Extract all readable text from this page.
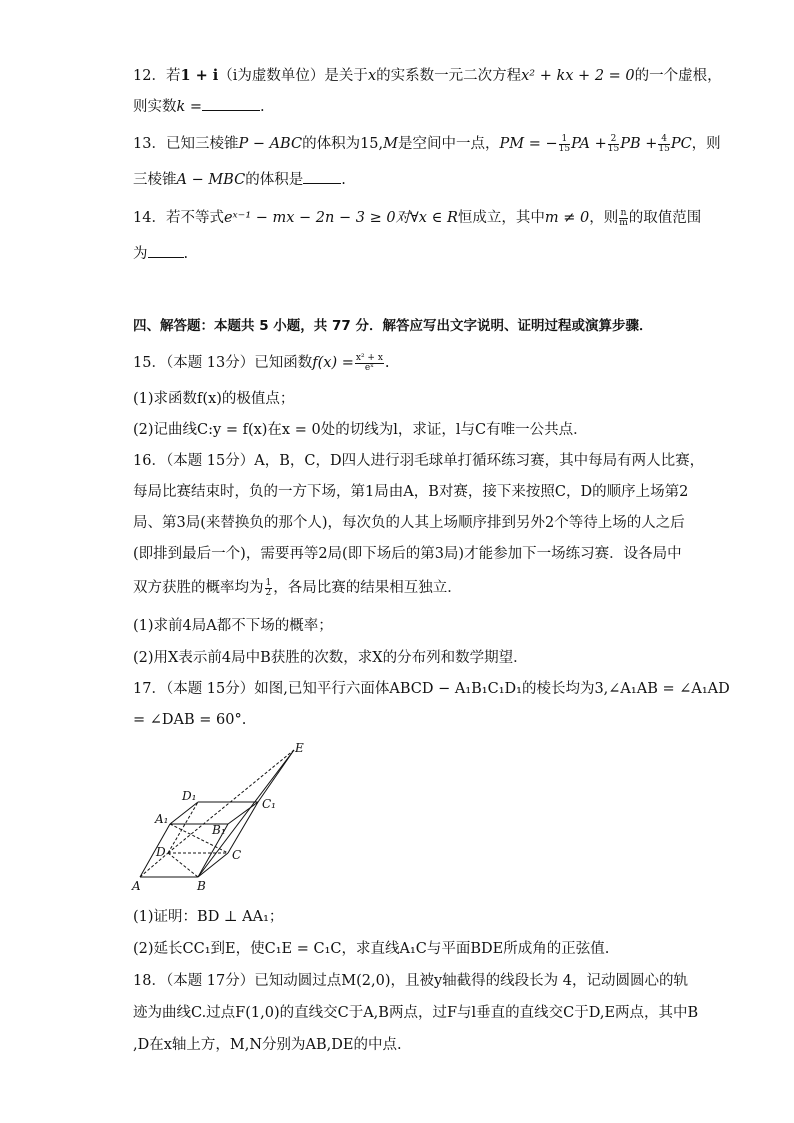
12．若1 + i（i为虚数单位）是关于x的实系数一元二次方程x² + kx + 2 = 0的一个虚根，
则实数k =	.
13．已知三棱锥P − ABC的体积为15,M是空间中一点，PM = − $\frac{1}{15}$ PA + $\frac{2}{15}$ PB + $\frac{4}{15}$ PC，则
三棱锥A − MBC的体积是	.
14．若不等式eˣ⁻¹ − mx − 2n − 3 ≥ 0对∀x ∈ R恒成立，其中m ≠ 0，则 $\frac{n}{m}$ 的取值范围
为 .
四、解答题：本题共 5 小题，共 77 分．解答应写出文字说明、证明过程或演算步骤．
15．（本题 13分）已知函数$f(x) = \frac{\text{x² + x}}{\text{eˣ}}$ .
(1)求函数f(x)的极值点；
(2)记曲线C:y = f(x)在x = 0处的切线为l，求证，l与C有唯一公共点．
16．（本题 15分）A，B，C，D四人进行羽毛球单打循环练习赛，其中每局有两人比赛，
每局比赛结束时，负的一方下场，第1局由A，B对赛，接下来按照C，D的顺序上场第2
局、第3局(来替换负的那个人)，每次负的人其上场顺序排到另外2个等待上场的人之后
(即排到最后一个)，需要再等2局(即下场后的第3局)才能参加下一场练习赛．设各局中
双方获胜的概率均为 $\frac{1}{2}$ ，各局比赛的结果相互独立．
(1)求前4局A都不下场的概率；
(2)用X表示前4局中B获胜的次数，求X的分布列和数学期望．
17．（本题 15分）如图,已知平行六面体ABCD − A₁B₁C₁D₁的棱长均为3,∠A₁AB = ∠A₁AD
= ∠DAB = 60°.
E
D₁
C₁
A₁
B₁
D	C
A	B
(1)证明：BD ⊥ AA₁；
(2)延长CC₁到E，使C₁E = C₁C，求直线A₁C与平面BDE所成角的正弦值.
18．（本题 17分）已知动圆过点M(2,0)，且被y轴截得的线段长为 4，记动圆圆心的轨
迹为曲线C.过点F(1,0)的直线交C于A,B两点，过F与l垂直的直线交C于D,E两点，其中B
,D在x轴上方，M,N分别为AB,DE的中点.
